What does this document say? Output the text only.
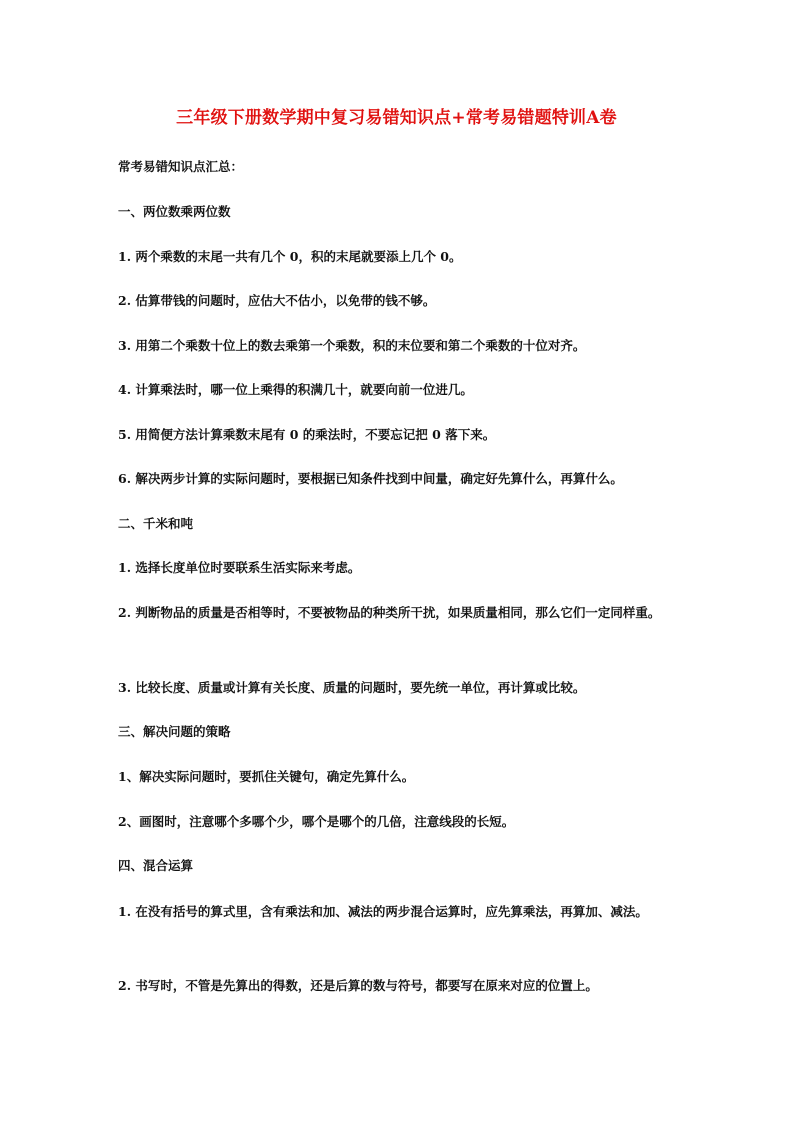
三年级下册数学期中复习易错知识点+常考易错题特训A卷
常考易错知识点汇总：
一、两位数乘两位数
1. 两个乘数的末尾一共有几个 0，积的末尾就要添上几个 0。
2. 估算带钱的问题时，应估大不估小，以免带的钱不够。
3. 用第二个乘数十位上的数去乘第一个乘数，积的末位要和第二个乘数的十位对齐。
4. 计算乘法时，哪一位上乘得的积满几十，就要向前一位进几。
5. 用简便方法计算乘数末尾有 0 的乘法时，不要忘记把 0 落下来。
6. 解决两步计算的实际问题时，要根据已知条件找到中间量，确定好先算什么，再算什么。
二、千米和吨
1. 选择长度单位时要联系生活实际来考虑。
2. 判断物品的质量是否相等时，不要被物品的种类所干扰，如果质量相同，那么它们一定同样重。
3. 比较长度、质量或计算有关长度、质量的问题时，要先统一单位，再计算或比较。
三、解决问题的策略
1、解决实际问题时，要抓住关键句，确定先算什么。
2、画图时，注意哪个多哪个少，哪个是哪个的几倍，注意线段的长短。
四、混合运算
1. 在没有括号的算式里，含有乘法和加、减法的两步混合运算时，应先算乘法，再算加、减法。
2. 书写时，不管是先算出的得数，还是后算的数与符号，都要写在原来对应的位置上。
